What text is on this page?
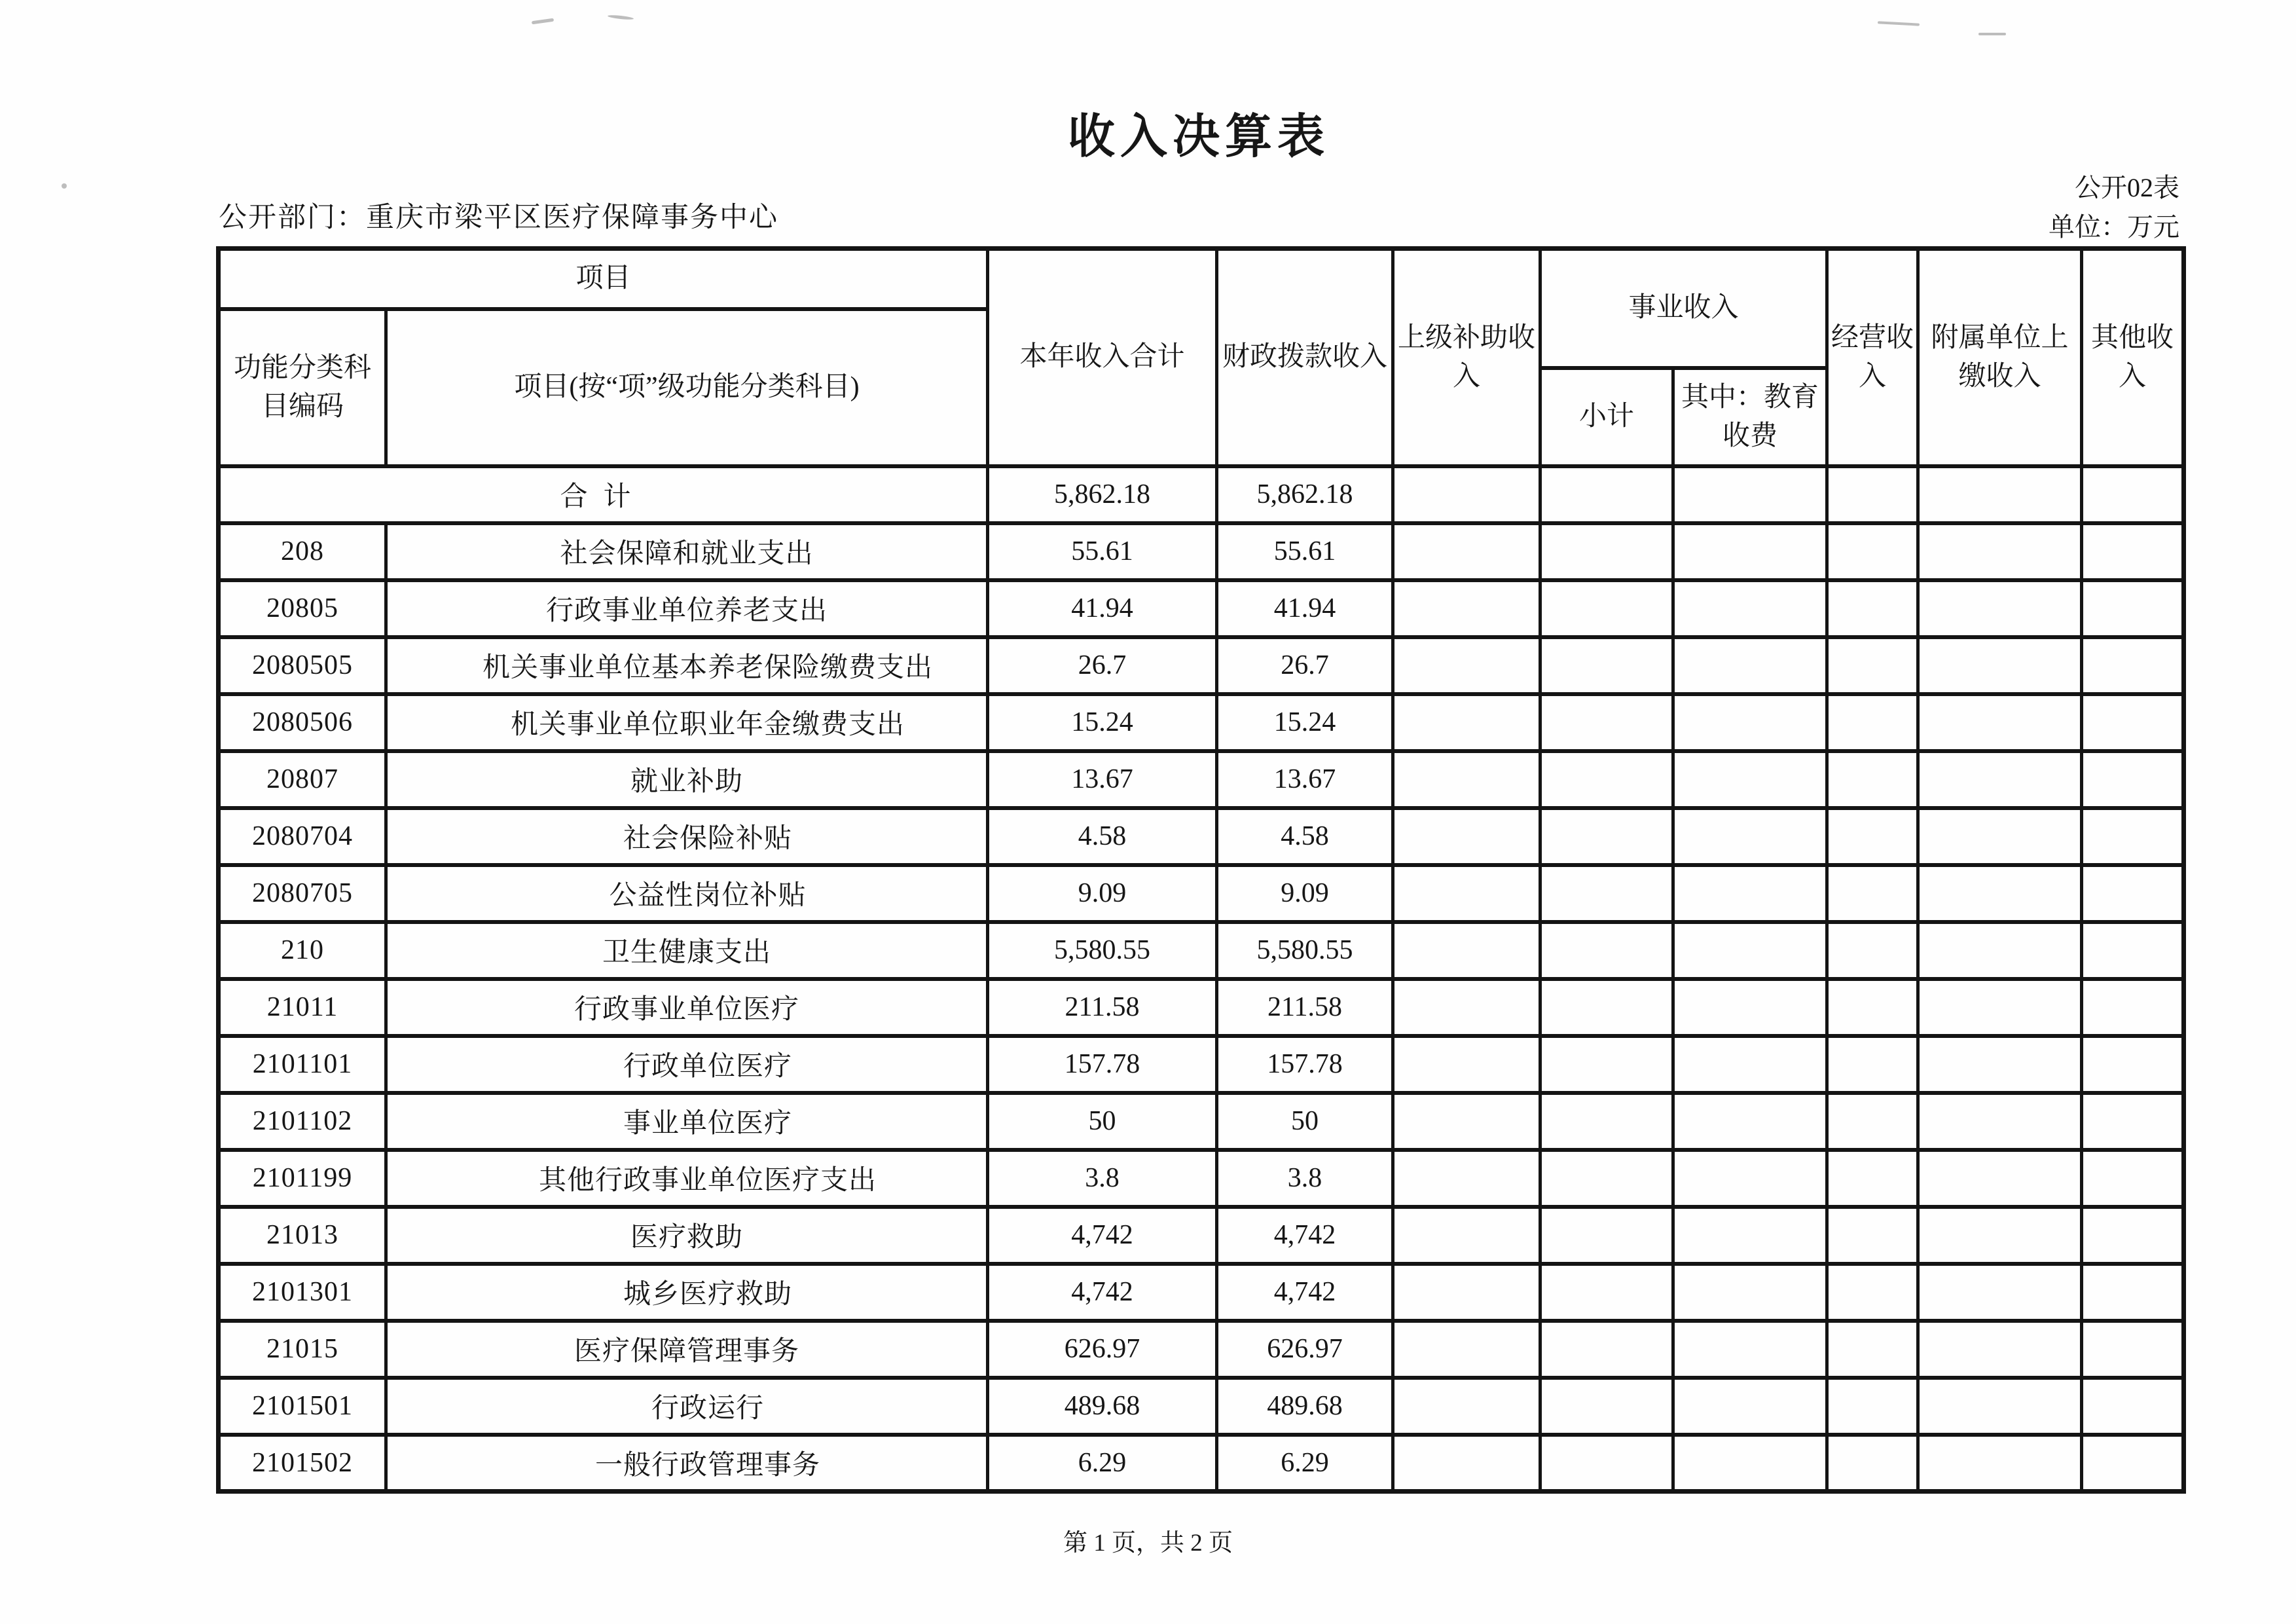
收入决算表
公开02表
单位：万元
公开部门：重庆市梁平区医疗保障事务中心
项目		本年收入合计	财政拨款收入	上级补助收入	事业收入		经营收入	附属单位上缴收入	其他收入
功能分类科目编码	项目(按“项”级功能分类科目)								
					小计	其中：教育收费			
合计		5,862.18	5,862.18						
208	社会保障和就业支出	55.61	55.61						
20805	行政事业单位养老支出	41.94	41.94						
2080505	机关事业单位基本养老保险缴费支出	26.7	26.7						
2080506	机关事业单位职业年金缴费支出	15.24	15.24						
20807	就业补助	13.67	13.67						
2080704	社会保险补贴	4.58	4.58						
2080705	公益性岗位补贴	9.09	9.09						
210	卫生健康支出	5,580.55	5,580.55						
21011	行政事业单位医疗	211.58	211.58						
2101101	行政单位医疗	157.78	157.78						
2101102	事业单位医疗	50	50						
2101199	其他行政事业单位医疗支出	3.8	3.8						
21013	医疗救助	4,742	4,742						
2101301	城乡医疗救助	4,742	4,742						
21015	医疗保障管理事务	626.97	626.97						
2101501	行政运行	489.68	489.68						
2101502	一般行政管理事务	6.29	6.29						
第 1 页，共 2 页
